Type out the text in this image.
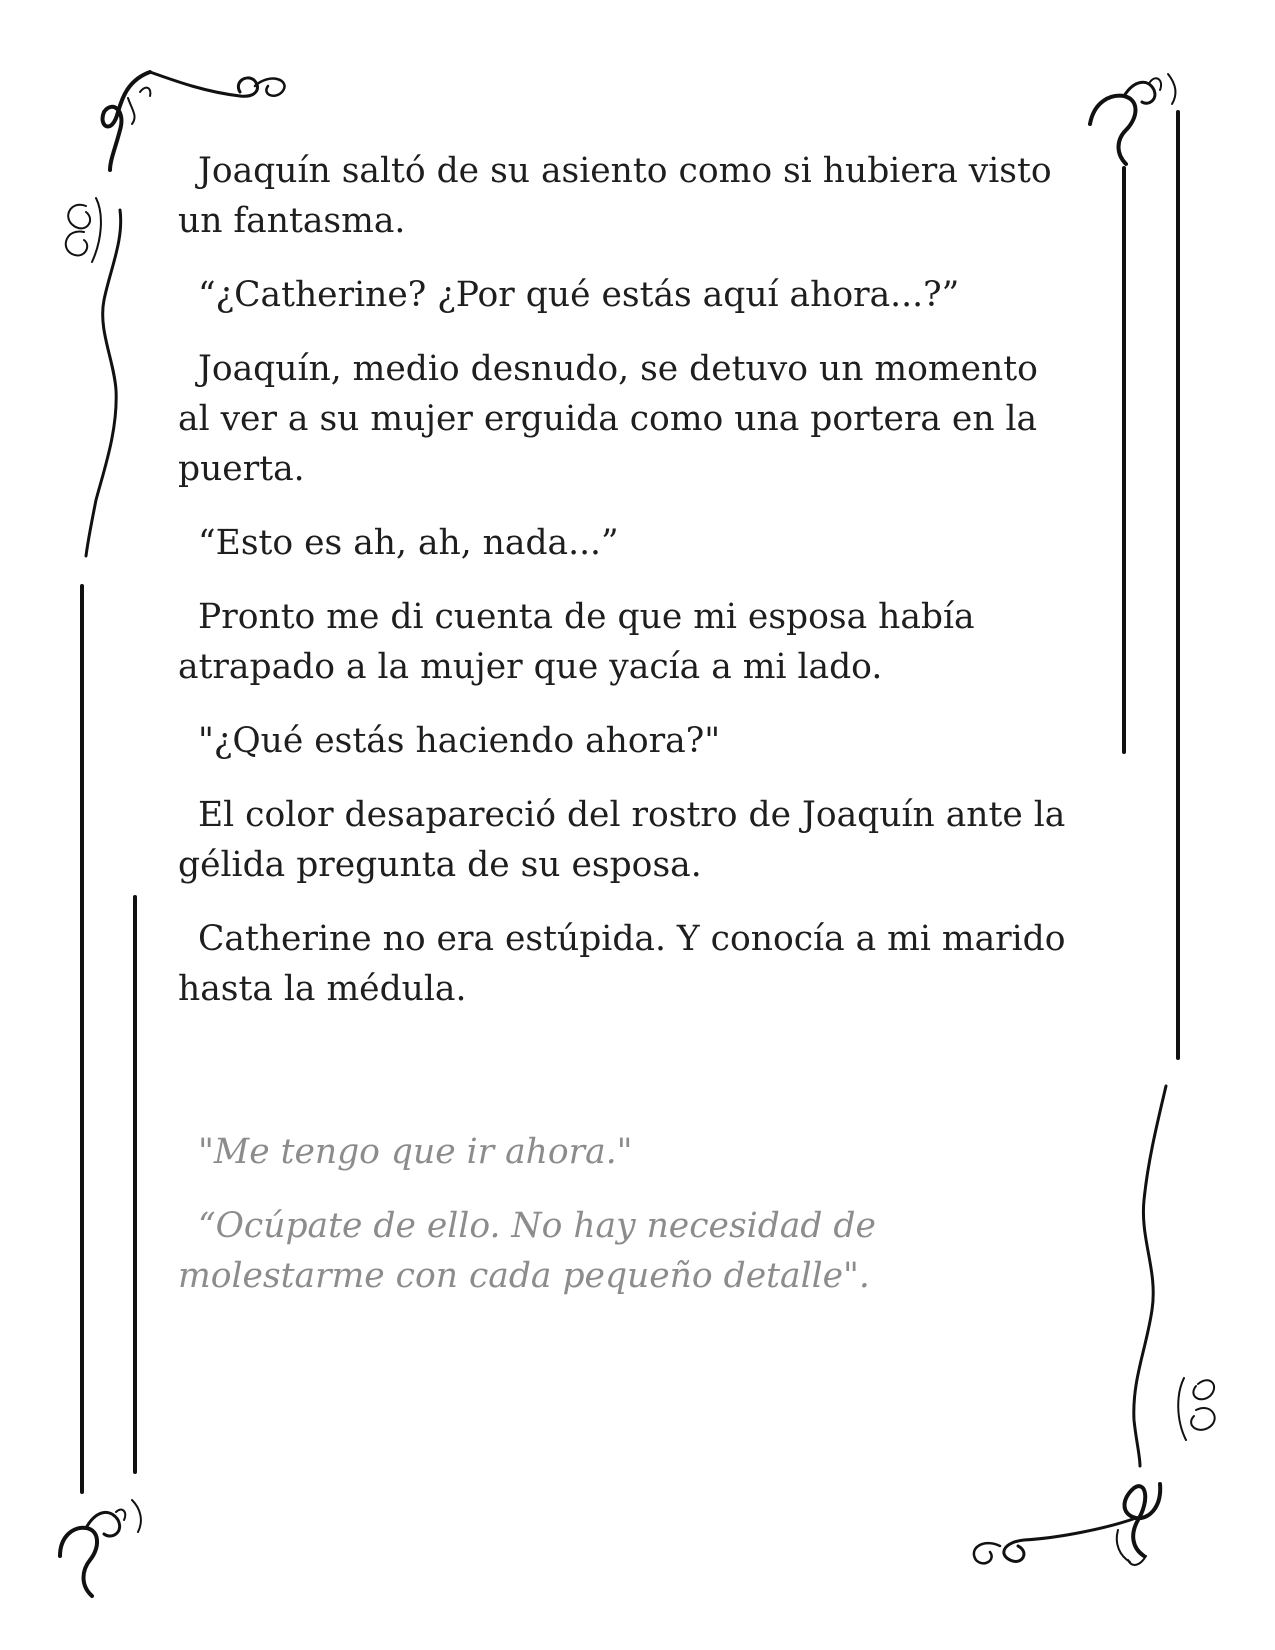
Joaquín saltó de su asiento como si hubiera visto un fantasma.

“¿Catherine? ¿Por qué estás aquí ahora...?”

Joaquín, medio desnudo, se detuvo un momento al ver a su mujer erguida como una portera en la puerta.

“Esto es ah, ah, nada...”

Pronto me di cuenta de que mi esposa había atrapado a la mujer que yacía a mi lado.

"¿Qué estás haciendo ahora?"

El color desapareció del rostro de Joaquín ante la gélida pregunta de su esposa.

Catherine no era estúpida. Y conocía a mi marido hasta la médula.

"Me tengo que ir ahora."

“Ocúpate de ello. No hay necesidad de molestarme con cada pequeño detalle".
